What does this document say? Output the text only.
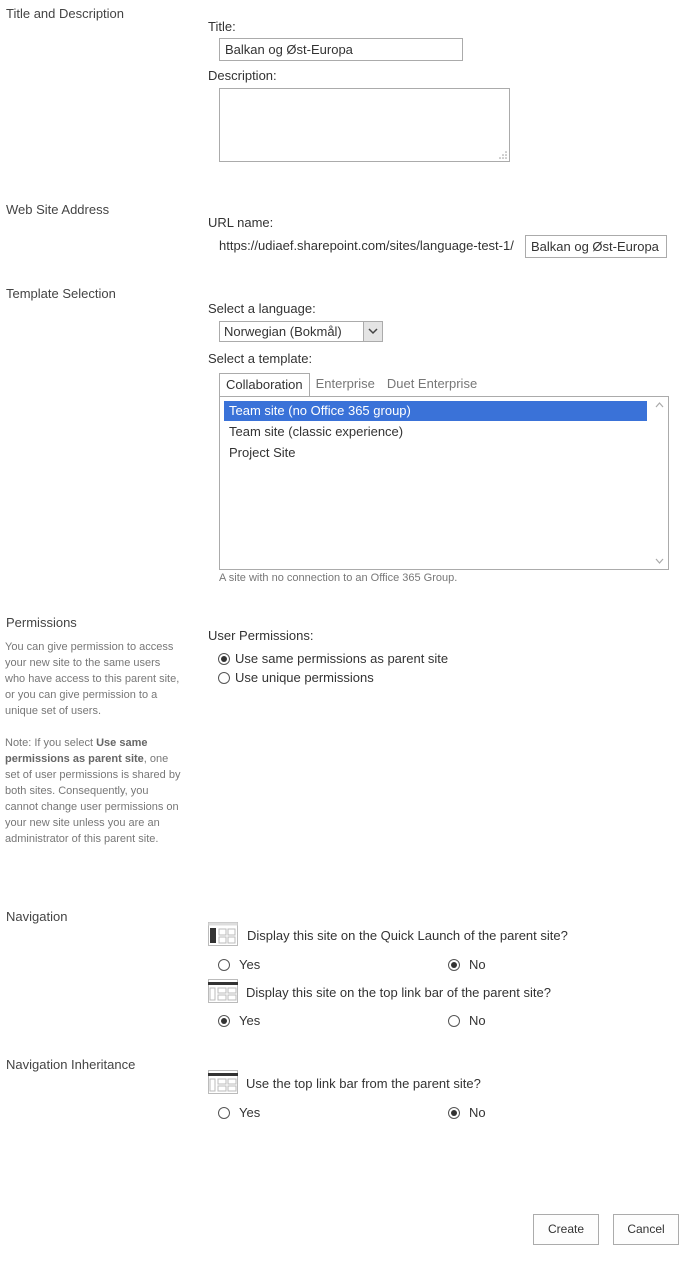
Title and Description
Title:
Balkan og Øst-Europa
Description:
Web Site Address
URL name:
https://udiaef.sharepoint.com/sites/language-test-1/	Balkan og Øst-Europa
Template Selection
Select a language:
Norwegian (Bokmål)
Select a template:
Collaboration	Enterprise Duet Enterprise
Team site (no Office 365 group)
Team site (classic experience)
Project Site
A site with no connection to an Office 365 Group.
Permissions
You can give permission to access your new site to the same users who have access to this parent site, or you can give permission to a unique set of users.
Note: If you select Use same permissions as parent site, one set of user permissions is shared by both sites. Consequently, you cannot change user permissions on your new site unless you are an administrator of this parent site.
User Permissions:
Use same permissions as parent site
Use unique permissions
Navigation
Display this site on the Quick Launch of the parent site?
Yes	No
Display this site on the top link bar of the parent site?
Yes	No
Navigation Inheritance
Use the top link bar from the parent site?
Yes	No
Create	Cancel
